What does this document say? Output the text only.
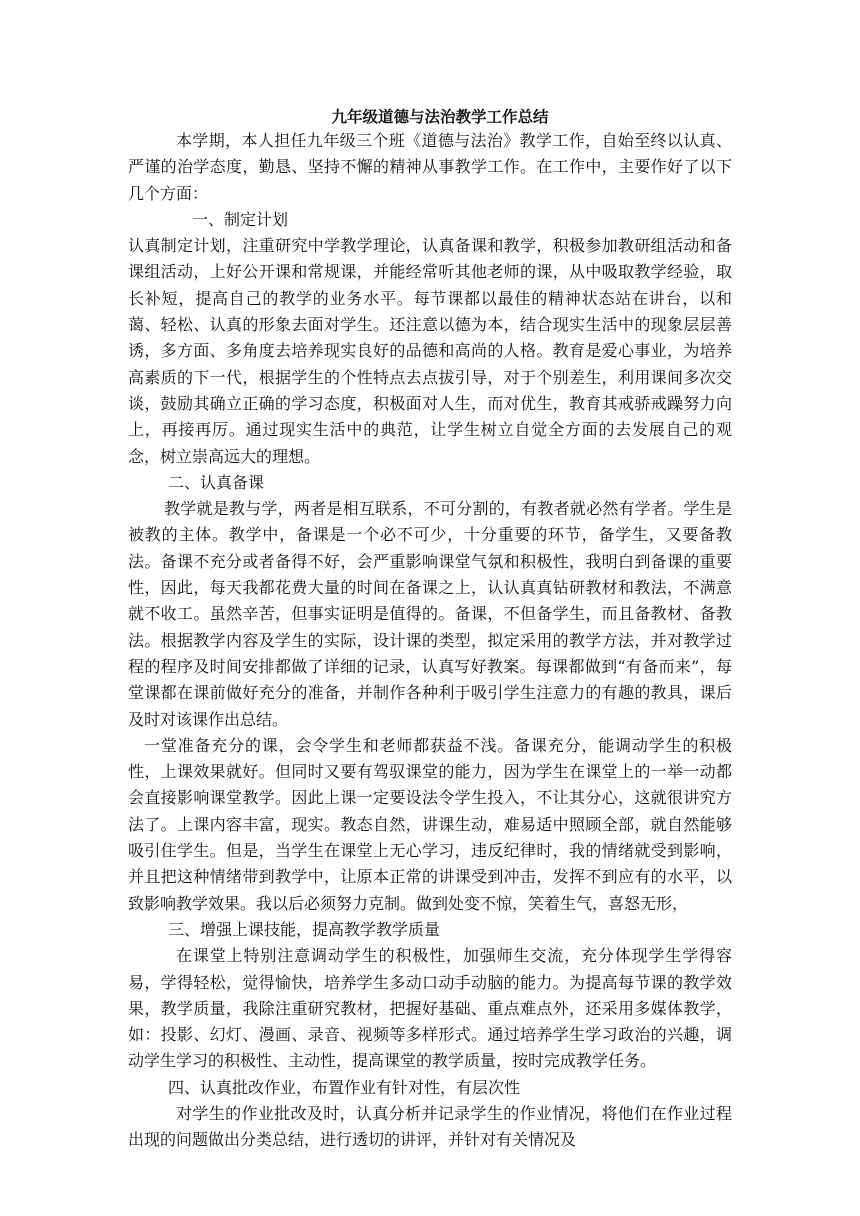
九年级道德与法治教学工作总结

本学期，本人担任九年级三个班《道德与法治》教学工作，自始至终以认真、严谨的治学态度，勤恳、坚持不懈的精神从事教学工作。在工作中，主要作好了以下几个方面：

一、制定计划

认真制定计划，注重研究中学教学理论，认真备课和教学，积极参加教研组活动和备课组活动，上好公开课和常规课，并能经常听其他老师的课，从中吸取教学经验，取长补短，提高自己的教学的业务水平。每节课都以最佳的精神状态站在讲台，以和蔼、轻松、认真的形象去面对学生。还注意以德为本，结合现实生活中的现象层层善诱，多方面、多角度去培养现实良好的品德和高尚的人格。教育是爱心事业，为培养高素质的下一代，根据学生的个性特点去点拔引导，对于个别差生，利用课间多次交谈，鼓励其确立正确的学习态度，积极面对人生，而对优生，教育其戒骄戒躁努力向上，再接再厉。通过现实生活中的典范，让学生树立自觉全方面的去发展自己的观念，树立崇高远大的理想。

二、认真备课

教学就是教与学，两者是相互联系，不可分割的，有教者就必然有学者。学生是被教的主体。教学中，备课是一个必不可少，十分重要的环节，备学生，又要备教法。备课不充分或者备得不好，会严重影响课堂气氛和积极性，我明白到备课的重要性，因此，每天我都花费大量的时间在备课之上，认认真真钻研教材和教法，不满意就不收工。虽然辛苦，但事实证明是值得的。备课，不但备学生，而且备教材、备教法。根据教学内容及学生的实际，设计课的类型，拟定采用的教学方法，并对教学过程的程序及时间安排都做了详细的记录，认真写好教案。每课都做到“有备而来”，每堂课都在课前做好充分的准备，并制作各种利于吸引学生注意力的有趣的教具，课后及时对该课作出总结。

一堂准备充分的课，会令学生和老师都获益不浅。备课充分，能调动学生的积极性，上课效果就好。但同时又要有驾驭课堂的能力，因为学生在课堂上的一举一动都会直接影响课堂教学。因此上课一定要设法令学生投入，不让其分心，这就很讲究方法了。上课内容丰富，现实。教态自然，讲课生动，难易适中照顾全部，就自然能够吸引住学生。但是，当学生在课堂上无心学习，违反纪律时，我的情绪就受到影响，并且把这种情绪带到教学中，让原本正常的讲课受到冲击，发挥不到应有的水平，以致影响教学效果。我以后必须努力克制。做到处变不惊，笑着生气，喜怒无形，

三、增强上课技能，提高教学教学质量

在课堂上特别注意调动学生的积极性，加强师生交流，充分体现学生学得容易，学得轻松，觉得愉快，培养学生多动口动手动脑的能力。为提高每节课的教学效果，教学质量，我除注重研究教材，把握好基础、重点难点外，还采用多媒体教学，如：投影、幻灯、漫画、录音、视频等多样形式。通过培养学生学习政治的兴趣，调动学生学习的积极性、主动性，提高课堂的教学质量，按时完成教学任务。

四、认真批改作业，布置作业有针对性，有层次性

对学生的作业批改及时，认真分析并记录学生的作业情况，将他们在作业过程出现的问题做出分类总结，进行透切的讲评，并针对有关情况及
